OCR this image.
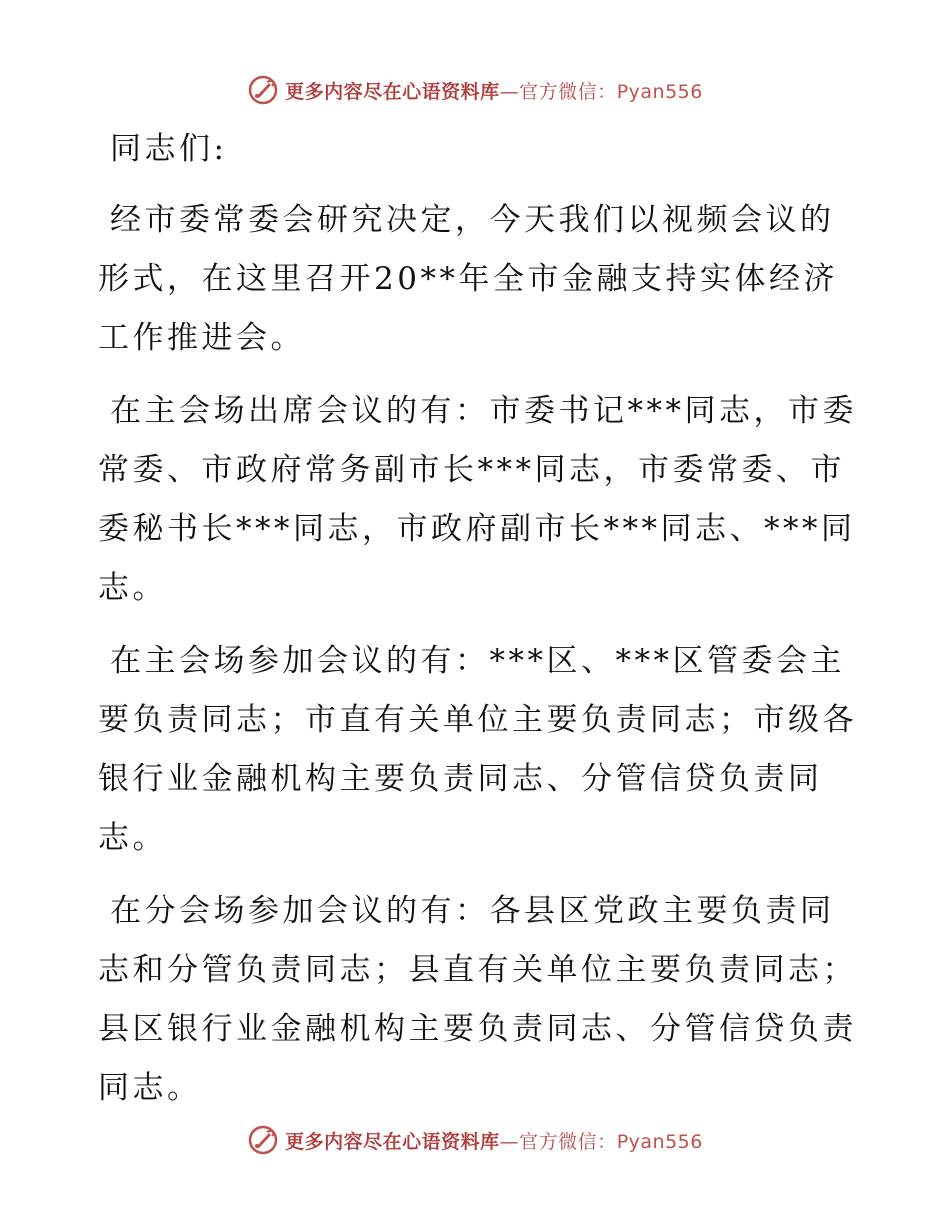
更多内容尽在心语资料库—官方微信：Pyan556

同志们:

经市委常委会研究决定，今天我们以视频会议的形式，在这里召开20**年全市金融支持实体经济工作推进会。

在主会场出席会议的有：市委书记***同志，市委常委、市政府常务副市长***同志，市委常委、市委秘书长***同志，市政府副市长***同志、***同志。

在主会场参加会议的有：***区、***区管委会主要负责同志；市直有关单位主要负责同志；市级各银行业金融机构主要负责同志、分管信贷负责同志。

在分会场参加会议的有：各县区党政主要负责同志和分管负责同志；县直有关单位主要负责同志；县区银行业金融机构主要负责同志、分管信贷负责同志。

更多内容尽在心语资料库—官方微信：Pyan556
